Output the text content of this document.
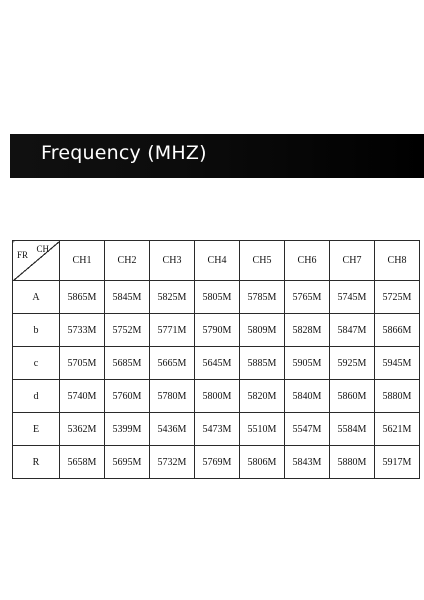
Frequency (MHZ)
CH
FR	CH1	CH2	CH3	CH4	CH5	CH6	CH7	CH8
A	5865M	5845M	5825M	5805M	5785M	5765M	5745M	5725M
b	5733M	5752M	5771M	5790M	5809M	5828M	5847M	5866M
c	5705M	5685M	5665M	5645M	5885M	5905M	5925M	5945M
d	5740M	5760M	5780M	5800M	5820M	5840M	5860M	5880M
E	5362M	5399M	5436M	5473M	5510M	5547M	5584M	5621M
R	5658M	5695M	5732M	5769M	5806M	5843M	5880M	5917M
